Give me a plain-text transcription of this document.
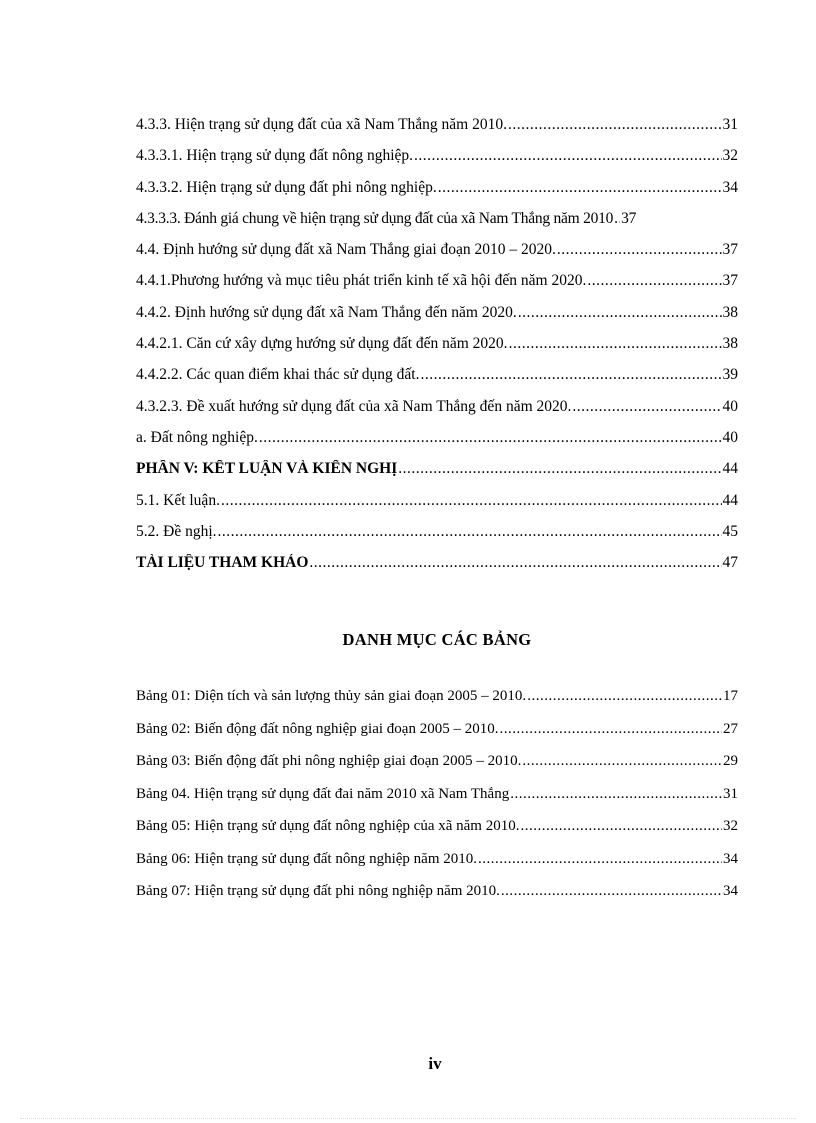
4.3.3. Hiện trạng sử dụng đất của xã Nam Thắng năm 2010. .....	31
4.3.3.1. Hiện trạng sử dụng đất nông nghiệp. .....	32
4.3.3.2. Hiện trạng sử dụng đất phi nông nghiệp. .....	34
4.3.3.3. Đánh giá chung về hiện trạng sử dụng đất của xã Nam Thắng năm 2010 ..... 37
4.4. Định hướng sử dụng đất xã Nam Thắng giai đoạn 2010 – 2020. .....	37
4.4.1.Phương hướng và mục tiêu phát triển kinh tế xã hội đến năm 2020. .....	37
4.4.2. Định hướng sử dụng đất xã Nam Thắng đến năm 2020. .....	38
4.4.2.1. Căn cứ xây dựng hướng sử dụng đất đến năm 2020. .....	38
4.4.2.2. Các quan điểm khai thác sử dụng đất. .....	39
4.3.2.3. Đề xuất hướng sử dụng đất của xã Nam Thắng đến năm 2020. .....	40
a. Đất nông nghiệp. .....	40
PHẦN V: KẾT LUẬN VÀ KIẾN NGHỊ .....	44
5.1. Kết luận. .....	44
5.2. Đề nghị. .....	45
TÀI LIỆU THAM KHẢO .....	47
DANH MỤC CÁC BẢNG
Bảng 01: Diện tích và sản lượng thủy sản giai đoạn 2005 – 2010. .....	17
Bảng 02: Biến động đất nông nghiệp giai đoạn 2005 – 2010. .....	27
Bảng 03: Biến động đất phi nông nghiệp giai đoạn 2005 – 2010. .....	29
Bảng 04. Hiện trạng sử dụng đất đai năm 2010 xã Nam Thắng .....	31
Bảng 05: Hiện trạng sử dụng đất nông nghiệp của xã năm 2010. .....	32
Bảng 06: Hiện trạng sử dụng đất nông nghiệp năm 2010. .....	34
Bảng 07: Hiện trạng sử dụng đất phi nông nghiệp năm 2010. .....	34
iv
